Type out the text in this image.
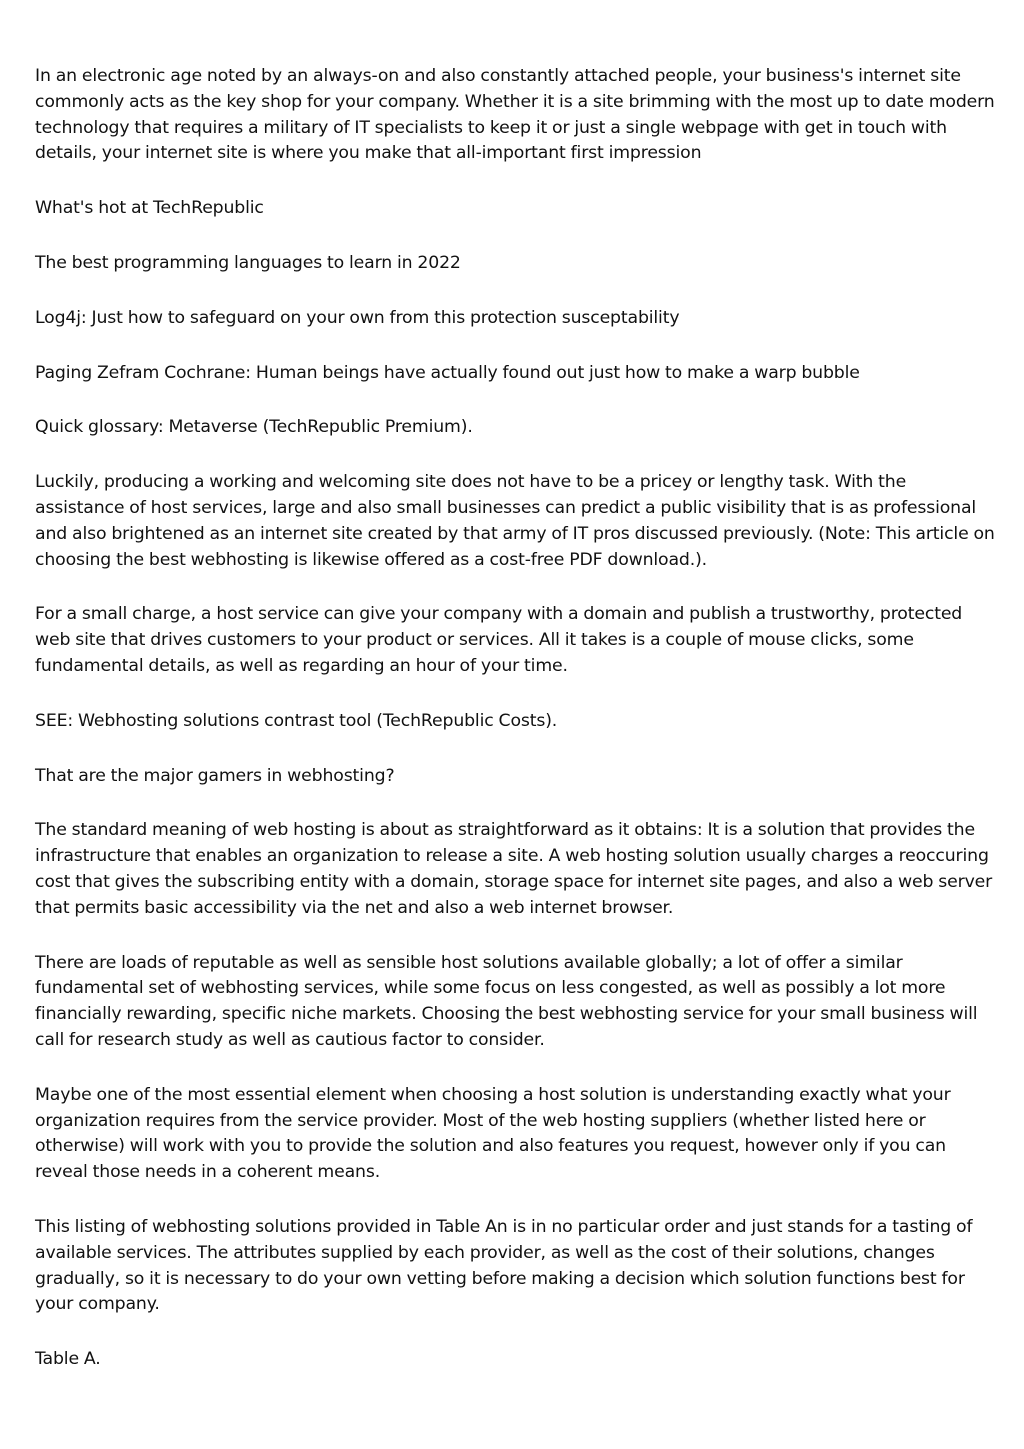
In an electronic age noted by an always-on and also constantly attached people, your business's internet site commonly acts as the key shop for your company. Whether it is a site brimming with the most up to date modern technology that requires a military of IT specialists to keep it or just a single webpage with get in touch with details, your internet site is where you make that all-important first impression

What's hot at TechRepublic

The best programming languages to learn in 2022

Log4j: Just how to safeguard on your own from this protection susceptability

Paging Zefram Cochrane: Human beings have actually found out just how to make a warp bubble

Quick glossary: Metaverse (TechRepublic Premium).

Luckily, producing a working and welcoming site does not have to be a pricey or lengthy task. With the assistance of host services, large and also small businesses can predict a public visibility that is as professional and also brightened as an internet site created by that army of IT pros discussed previously. (Note: This article on choosing the best webhosting is likewise offered as a cost-free PDF download.).

For a small charge, a host service can give your company with a domain and publish a trustworthy, protected web site that drives customers to your product or services. All it takes is a couple of mouse clicks, some fundamental details, as well as regarding an hour of your time.

SEE: Webhosting solutions contrast tool (TechRepublic Costs).

That are the major gamers in webhosting?

The standard meaning of web hosting is about as straightforward as it obtains: It is a solution that provides the infrastructure that enables an organization to release a site. A web hosting solution usually charges a reoccuring cost that gives the subscribing entity with a domain, storage space for internet site pages, and also a web server that permits basic accessibility via the net and also a web internet browser.

There are loads of reputable as well as sensible host solutions available globally; a lot of offer a similar fundamental set of webhosting services, while some focus on less congested, as well as possibly a lot more financially rewarding, specific niche markets. Choosing the best webhosting service for your small business will call for research study as well as cautious factor to consider.

Maybe one of the most essential element when choosing a host solution is understanding exactly what your organization requires from the service provider. Most of the web hosting suppliers (whether listed here or otherwise) will work with you to provide the solution and also features you request, however only if you can reveal those needs in a coherent means.

This listing of webhosting solutions provided in Table An is in no particular order and just stands for a tasting of available services. The attributes supplied by each provider, as well as the cost of their solutions, changes gradually, so it is necessary to do your own vetting before making a decision which solution functions best for your company.

Table A.
